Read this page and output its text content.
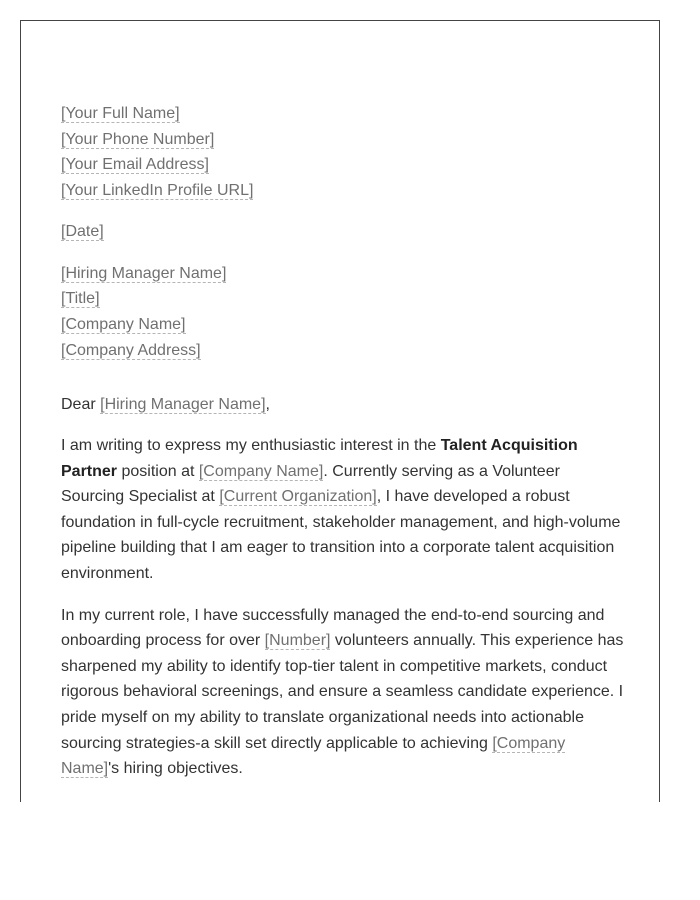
[Your Full Name]
[Your Phone Number]
[Your Email Address]
[Your LinkedIn Profile URL]
[Date]
[Hiring Manager Name]
[Title]
[Company Name]
[Company Address]
Dear [Hiring Manager Name],

I am writing to express my enthusiastic interest in the Talent Acquisition Partner position at [Company Name]. Currently serving as a Volunteer Sourcing Specialist at [Current Organization], I have developed a robust foundation in full-cycle recruitment, stakeholder management, and high-volume pipeline building that I am eager to transition into a corporate talent acquisition environment.

In my current role, I have successfully managed the end-to-end sourcing and onboarding process for over [Number] volunteers annually. This experience has sharpened my ability to identify top-tier talent in competitive markets, conduct rigorous behavioral screenings, and ensure a seamless candidate experience. I pride myself on my ability to translate organizational needs into actionable sourcing strategies-a skill set directly applicable to achieving [Company Name]'s hiring objectives.
